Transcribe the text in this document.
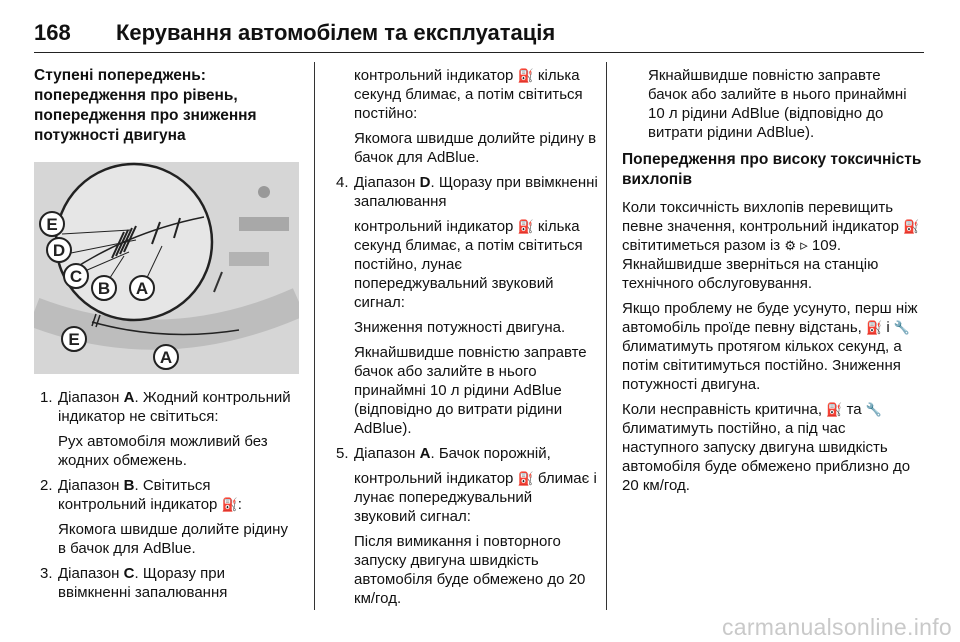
168 Керування автомобілем та експлуатація
Ступені попереджень: попередження про рівень, попередження про зниження потужності двигуна
E
D
C
B A
E
A
1. Діапазон A. Жодний контрольний індикатор не світиться:
Рух автомобіля можливий без жодних обмежень.
2. Діапазон B. Світиться контрольний індикатор ⛽:
Якомога швидше долийте рідину в бачок для AdBlue.
3. Діапазон C. Щоразу при ввімкненні запалювання
контрольний індикатор ⛽ кілька секунд блимає, а потім світиться постійно:
Якомога швидше долийте рідину в бачок для AdBlue.
4. Діапазон D. Щоразу при ввімкненні запалювання
контрольний індикатор ⛽ кілька секунд блимає, а потім світиться постійно, лунає попереджувальний звуковий сигнал:
Зниження потужності двигуна.
Якнайшвидше повністю заправте бачок або залийте в нього принаймні 10 л рідини AdBlue (відповідно до витрати рідини AdBlue).
5. Діапазон A. Бачок порожній,
контрольний індикатор ⛽ блимає і лунає попереджувальний звуковий сигнал:
Після вимикання і повторного запуску двигуна швидкість автомобіля буде обмежено до 20 км/год.

Якнайшвидше повністю заправте бачок або залийте в нього принаймні 10 л рідини AdBlue (відповідно до витрати рідини AdBlue).

Попередження про високу токсичність вихлопів

Коли токсичність вихлопів перевищить певне значення, контрольний індикатор ⛽ світитиметься разом із ⚙ ▹ 109. Якнайшвидше зверніться на станцію технічного обслуговування.

Якщо проблему не буде усунуто, перш ніж автомобіль проїде певну відстань, ⛽ і 🔧 блиматимуть протягом кількох секунд, а потім світитимуться постійно. Зниження потужності двигуна.

Коли несправність критична, ⛽ та 🔧 блиматимуть постійно, а під час наступного запуску двигуна швидкість автомобіля буде обмежено приблизно до 20 км/год.

carmanualsonline.info
